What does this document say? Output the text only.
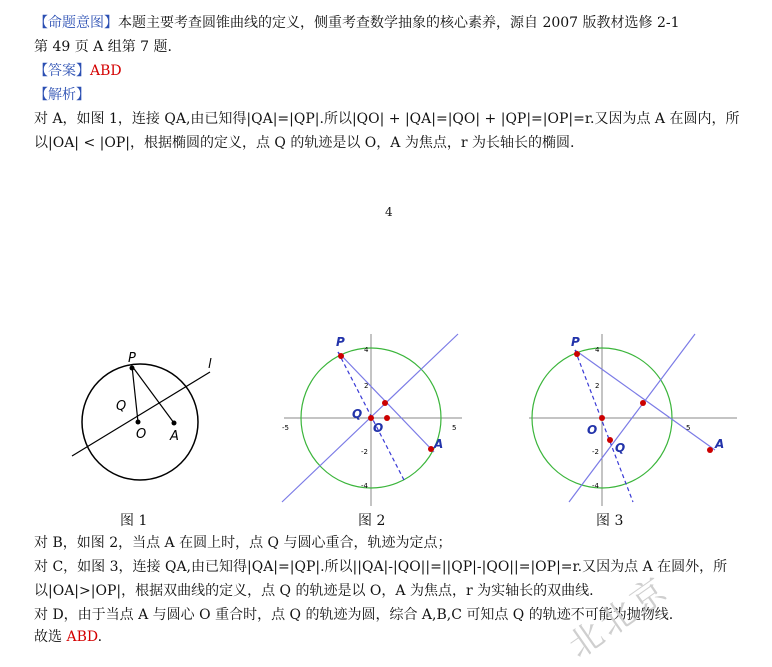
【命题意图】本题主要考查圆锥曲线的定义，侧重考查数学抽象的核心素养，源自 2007 版教材选修 2-1
第 49 页 A 组第 7 题.
【答案】ABD
【解析】
对 A，如图 1，连接 QA,由已知得|QA|=|QP|.所以|QO| + |QA|=|QO| + |QP|=|OP|=r.又因为点 A 在圆内，所
以|OA| < |OP|，根据椭圆的定义，点 Q 的轨迹是以 O，A 为焦点，r 为长轴长的椭圆.
4
P
Q
O A
l
P
Q
O
A
-5	5
4
2
-2
-4
P
O
Q	A
5
4
2
-2
-4
图 1	图 2	图 3
对 B，如图 2，当点 A 在圆上时，点 Q 与圆心重合，轨迹为定点；
对 C，如图 3，连接 QA,由已知得|QA|=|QP|.所以||QA|-|QO||=||QP|-|QO||=|OP|=r.又因为点 A 在圆外，所
以|OA|>|OP|，根据双曲线的定义，点 Q 的轨迹是以 O，A 为焦点，r 为实轴长的双曲线.
对 D，由于当点 A 与圆心 O 重合时，点 Q 的轨迹为圆，综合 A,B,C 可知点 Q 的轨迹不可能为抛物线.
故选 ABD.	北北京
